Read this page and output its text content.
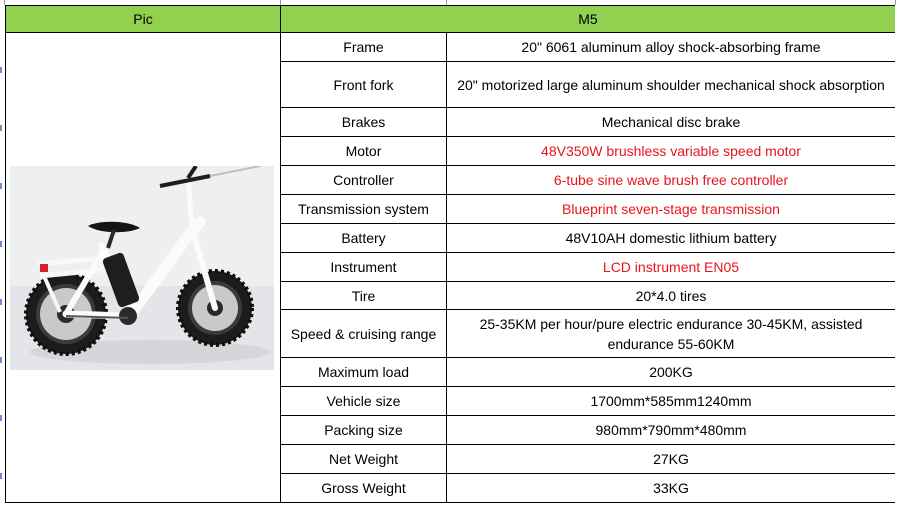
Pic	M5	

	Frame	20" 6061 aluminum alloy shock-absorbing frame
	Front fork	20" motorized large aluminum shoulder mechanical shock absorption
	Brakes	Mechanical disc brake
	Motor	48V350W brushless variable speed motor
	Controller	6-tube sine wave brush free controller
	Transmission system	Blueprint seven-stage transmission
	Battery	48V10AH domestic lithium battery
	Instrument	LCD instrument EN05
	Tire	20*4.0 tires
	Speed & cruising range	25-35KM per hour/pure electric endurance 30-45KM, assisted endurance 55-60KM
	Maximum load	200KG
	Vehicle size	1700mm*585mm1240mm
	Packing size	980mm*790mm*480mm
	Net Weight	27KG
	Gross Weight	33KG
